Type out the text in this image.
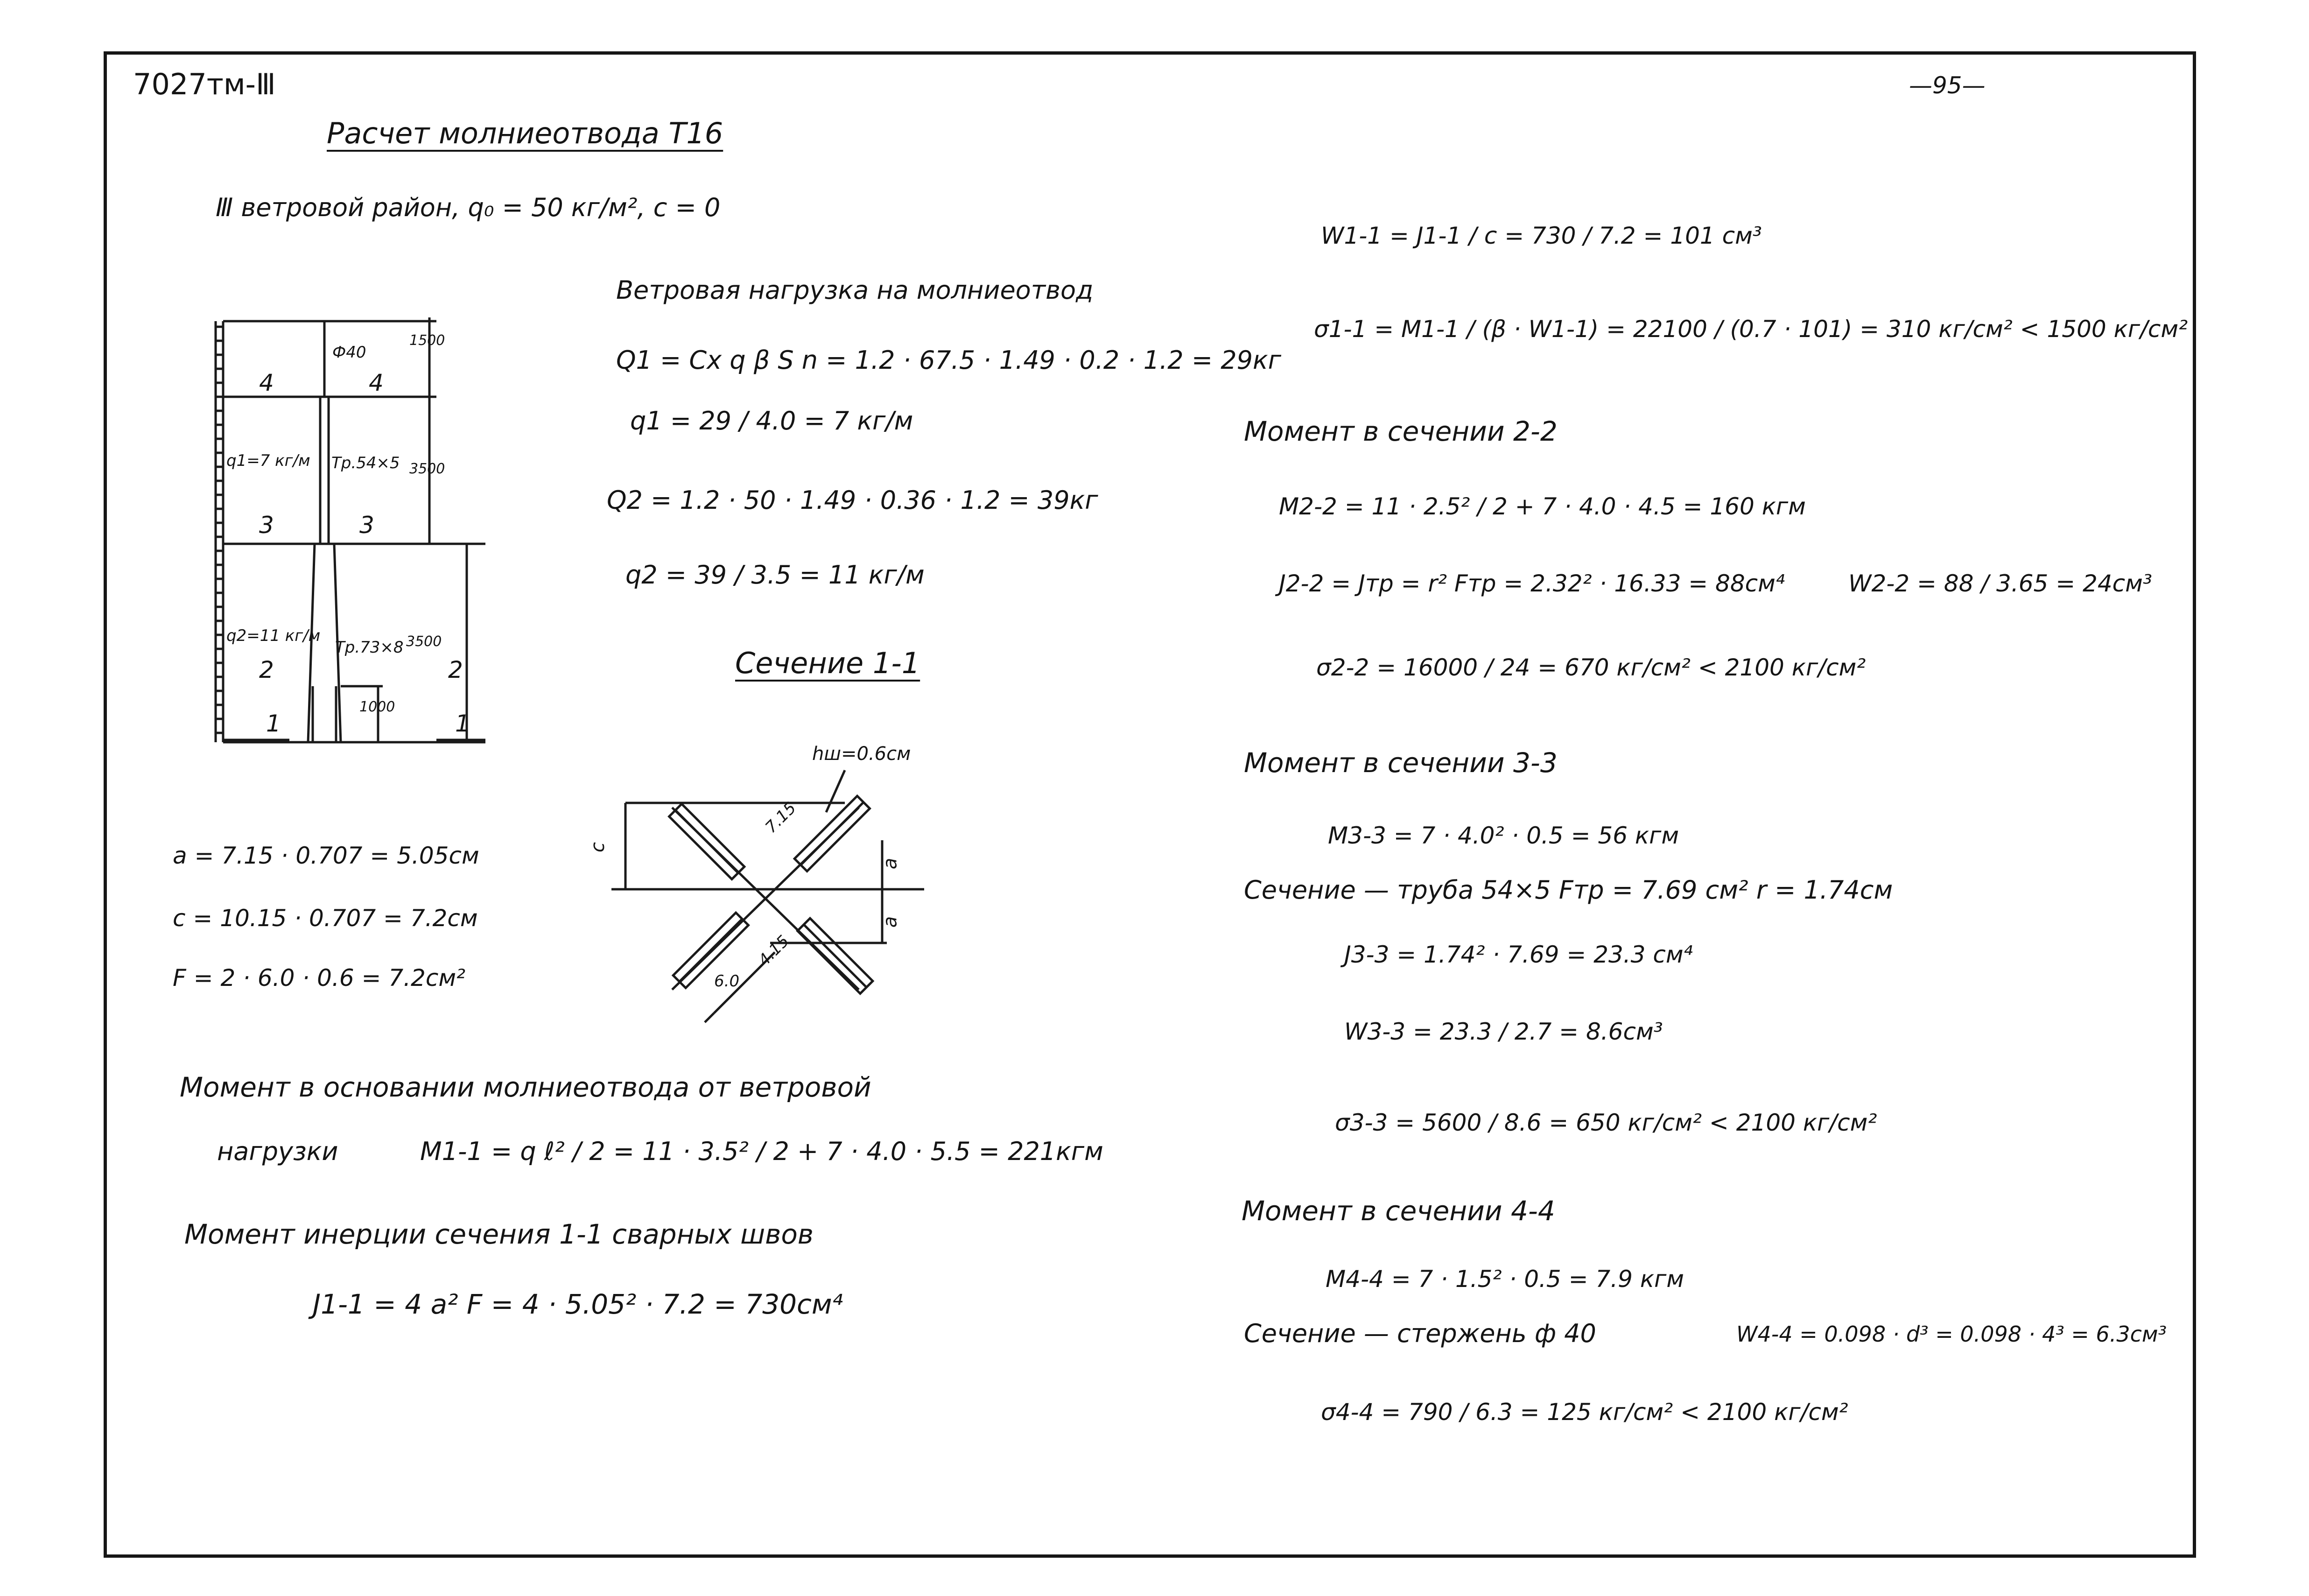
7027тм-Ⅲ	—95—
Расчет молниеотвода Т16
Ⅲ ветровой район, q₀ = 50 кг/м², c = 0
Ф40
1500
4	4
q1=7 кг/м Тр.54×5 3500
3	3
Тр.73×8
q2=11 кг/м	3500
2	2
1000
1	1
a = 7.15 · 0.707 = 5.05см
c = 10.15 · 0.707 = 7.2см
F = 2 · 6.0 · 0.6 = 7.2см²
Ветровая нагрузка на молниеотвод
Q1 = Cx q β S n = 1.2 · 67.5 · 1.49 · 0.2 · 1.2 = 29кг
q1 = 29 / 4.0 = 7 кг/м
Q2 = 1.2 · 50 · 1.49 · 0.36 · 1.2 = 39кг
q2 = 39 / 3.5 = 11 кг/м
Сечение 1-1
hш=0.6см
7.15
4.15
6.0
c
a
a
Момент в основании молниеотвода от ветровой
нагрузки	M1-1 = q ℓ² / 2 = 11 · 3.5² / 2 + 7 · 4.0 · 5.5 = 221кгм
Момент инерции сечения 1-1 сварных швов
J1-1 = 4 a² F = 4 · 5.05² · 7.2 = 730см⁴
W1-1 = J1-1 / c = 730 / 7.2 = 101 см³
σ1-1 = M1-1 / (β · W1-1) = 22100 / (0.7 · 101) = 310 кг/см² < 1500 кг/см²
Момент в сечении 2-2
M2-2 = 11 · 2.5² / 2 + 7 · 4.0 · 4.5 = 160 кгм
J2-2 = Jтр = r² Fтр = 2.32² · 16.33 = 88см⁴	W2-2 = 88 / 3.65 = 24см³
σ2-2 = 16000 / 24 = 670 кг/см² < 2100 кг/см²
Момент в сечении 3-3
M3-3 = 7 · 4.0² · 0.5 = 56 кгм
Сечение — труба 54×5 Fтр = 7.69 см² r = 1.74см
J3-3 = 1.74² · 7.69 = 23.3 см⁴
W3-3 = 23.3 / 2.7 = 8.6см³
σ3-3 = 5600 / 8.6 = 650 кг/см² < 2100 кг/см²
Момент в сечении 4-4
M4-4 = 7 · 1.5² · 0.5 = 7.9 кгм
Сечение — стержень ф 40	W4-4 = 0.098 · d³ = 0.098 · 4³ = 6.3см³
σ4-4 = 790 / 6.3 = 125 кг/см² < 2100 кг/см²
